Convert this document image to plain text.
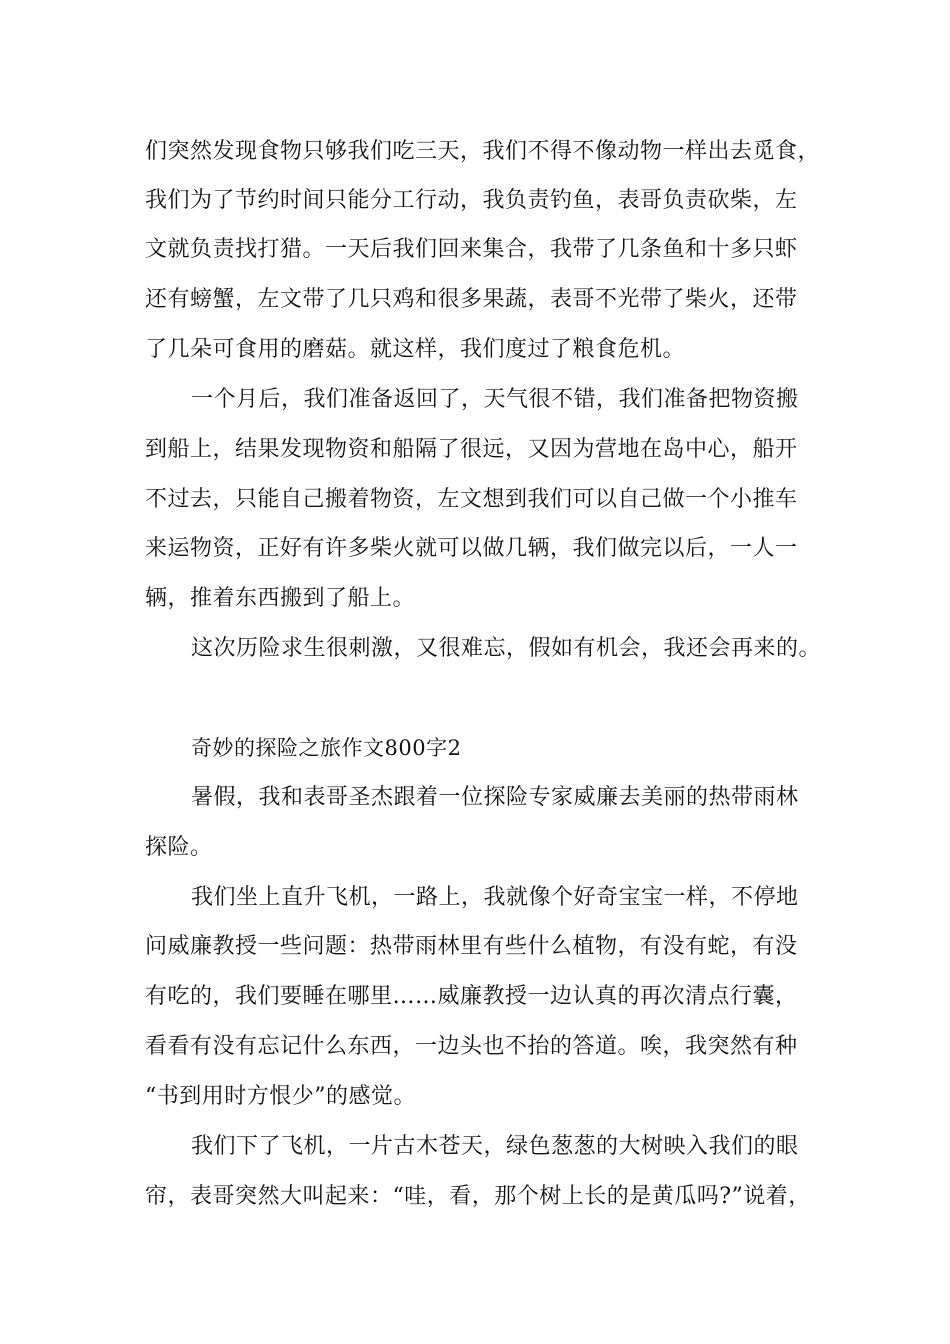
们突然发现食物只够我们吃三天，我们不得不像动物一样出去觅食，
我们为了节约时间只能分工行动，我负责钓鱼，表哥负责砍柴，左
文就负责找打猎。一天后我们回来集合，我带了几条鱼和十多只虾
还有螃蟹，左文带了几只鸡和很多果蔬，表哥不光带了柴火，还带
了几朵可食用的磨菇。就这样，我们度过了粮食危机。
一个月后，我们准备返回了，天气很不错，我们准备把物资搬
到船上，结果发现物资和船隔了很远，又因为营地在岛中心，船开
不过去，只能自己搬着物资，左文想到我们可以自己做一个小推车
来运物资，正好有许多柴火就可以做几辆，我们做完以后，一人一
辆，推着东西搬到了船上。
这次历险求生很刺激，又很难忘，假如有机会，我还会再来的。
奇妙的探险之旅作文800字2
暑假，我和表哥圣杰跟着一位探险专家威廉去美丽的热带雨林
探险。
我们坐上直升飞机，一路上，我就像个好奇宝宝一样，不停地
问威廉教授一些问题：热带雨林里有些什么植物，有没有蛇，有没
有吃的，我们要睡在哪里……威廉教授一边认真的再次清点行囊，
看看有没有忘记什么东西，一边头也不抬的答道。唉，我突然有种
“书到用时方恨少”的感觉。
我们下了飞机，一片古木苍天，绿色葱葱的大树映入我们的眼
帘，表哥突然大叫起来：“哇，看，那个树上长的是黄瓜吗?”说着，
